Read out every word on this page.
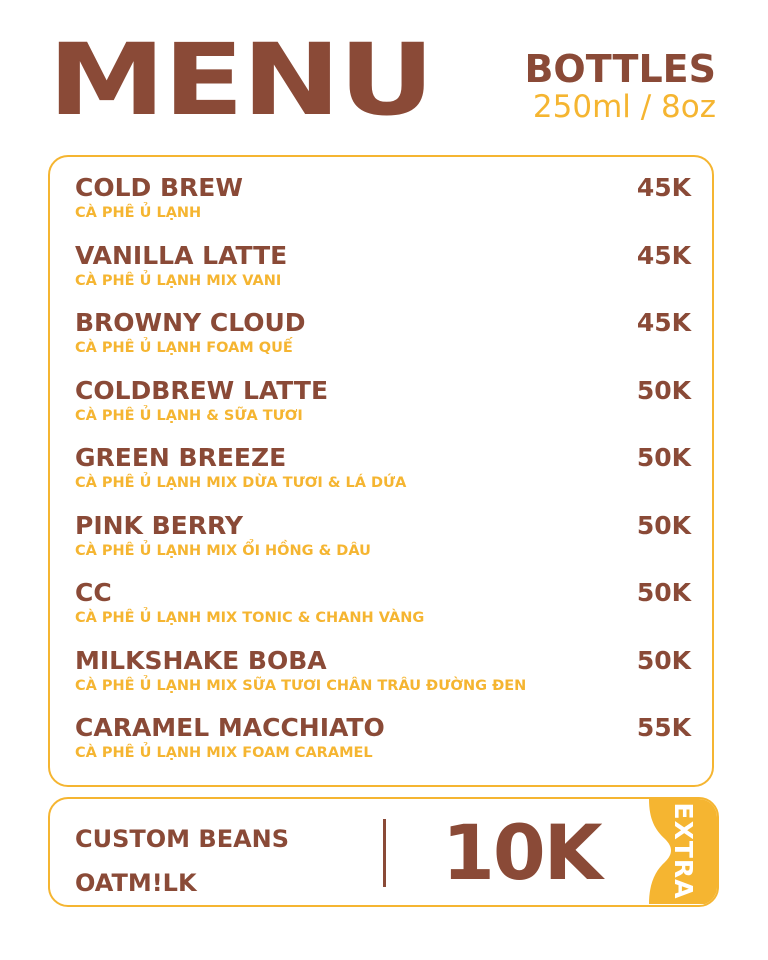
MENU BOTTLES
250ml / 8oz
COLD BREW
CÀ PHÊ Ủ LẠNH
45K
VANILLA LATTE
CÀ PHÊ Ủ LẠNH MIX VANI
45K
BROWNY CLOUD
CÀ PHÊ Ủ LẠNH FOAM QUẾ
45K
COLDBREW LATTE
CÀ PHÊ Ủ LẠNH & SỮA TƯƠI
50K
GREEN BREEZE
CÀ PHÊ Ủ LẠNH MIX DỪA TƯƠI & LÁ DỨA
50K
PINK BERRY
CÀ PHÊ Ủ LẠNH MIX ỔI HỒNG & DÂU
50K
CC
CÀ PHÊ Ủ LẠNH MIX TONIC & CHANH VÀNG
50K
MILKSHAKE BOBA
CÀ PHÊ Ủ LẠNH MIX SỮA TƯƠI CHÂN TRÂU ĐƯỜNG ĐEN
50K
CARAMEL MACCHIATO
CÀ PHÊ Ủ LẠNH MIX FOAM CARAMEL
55K
CUSTOM BEANS
OATM!LK	10K	EXTRA
